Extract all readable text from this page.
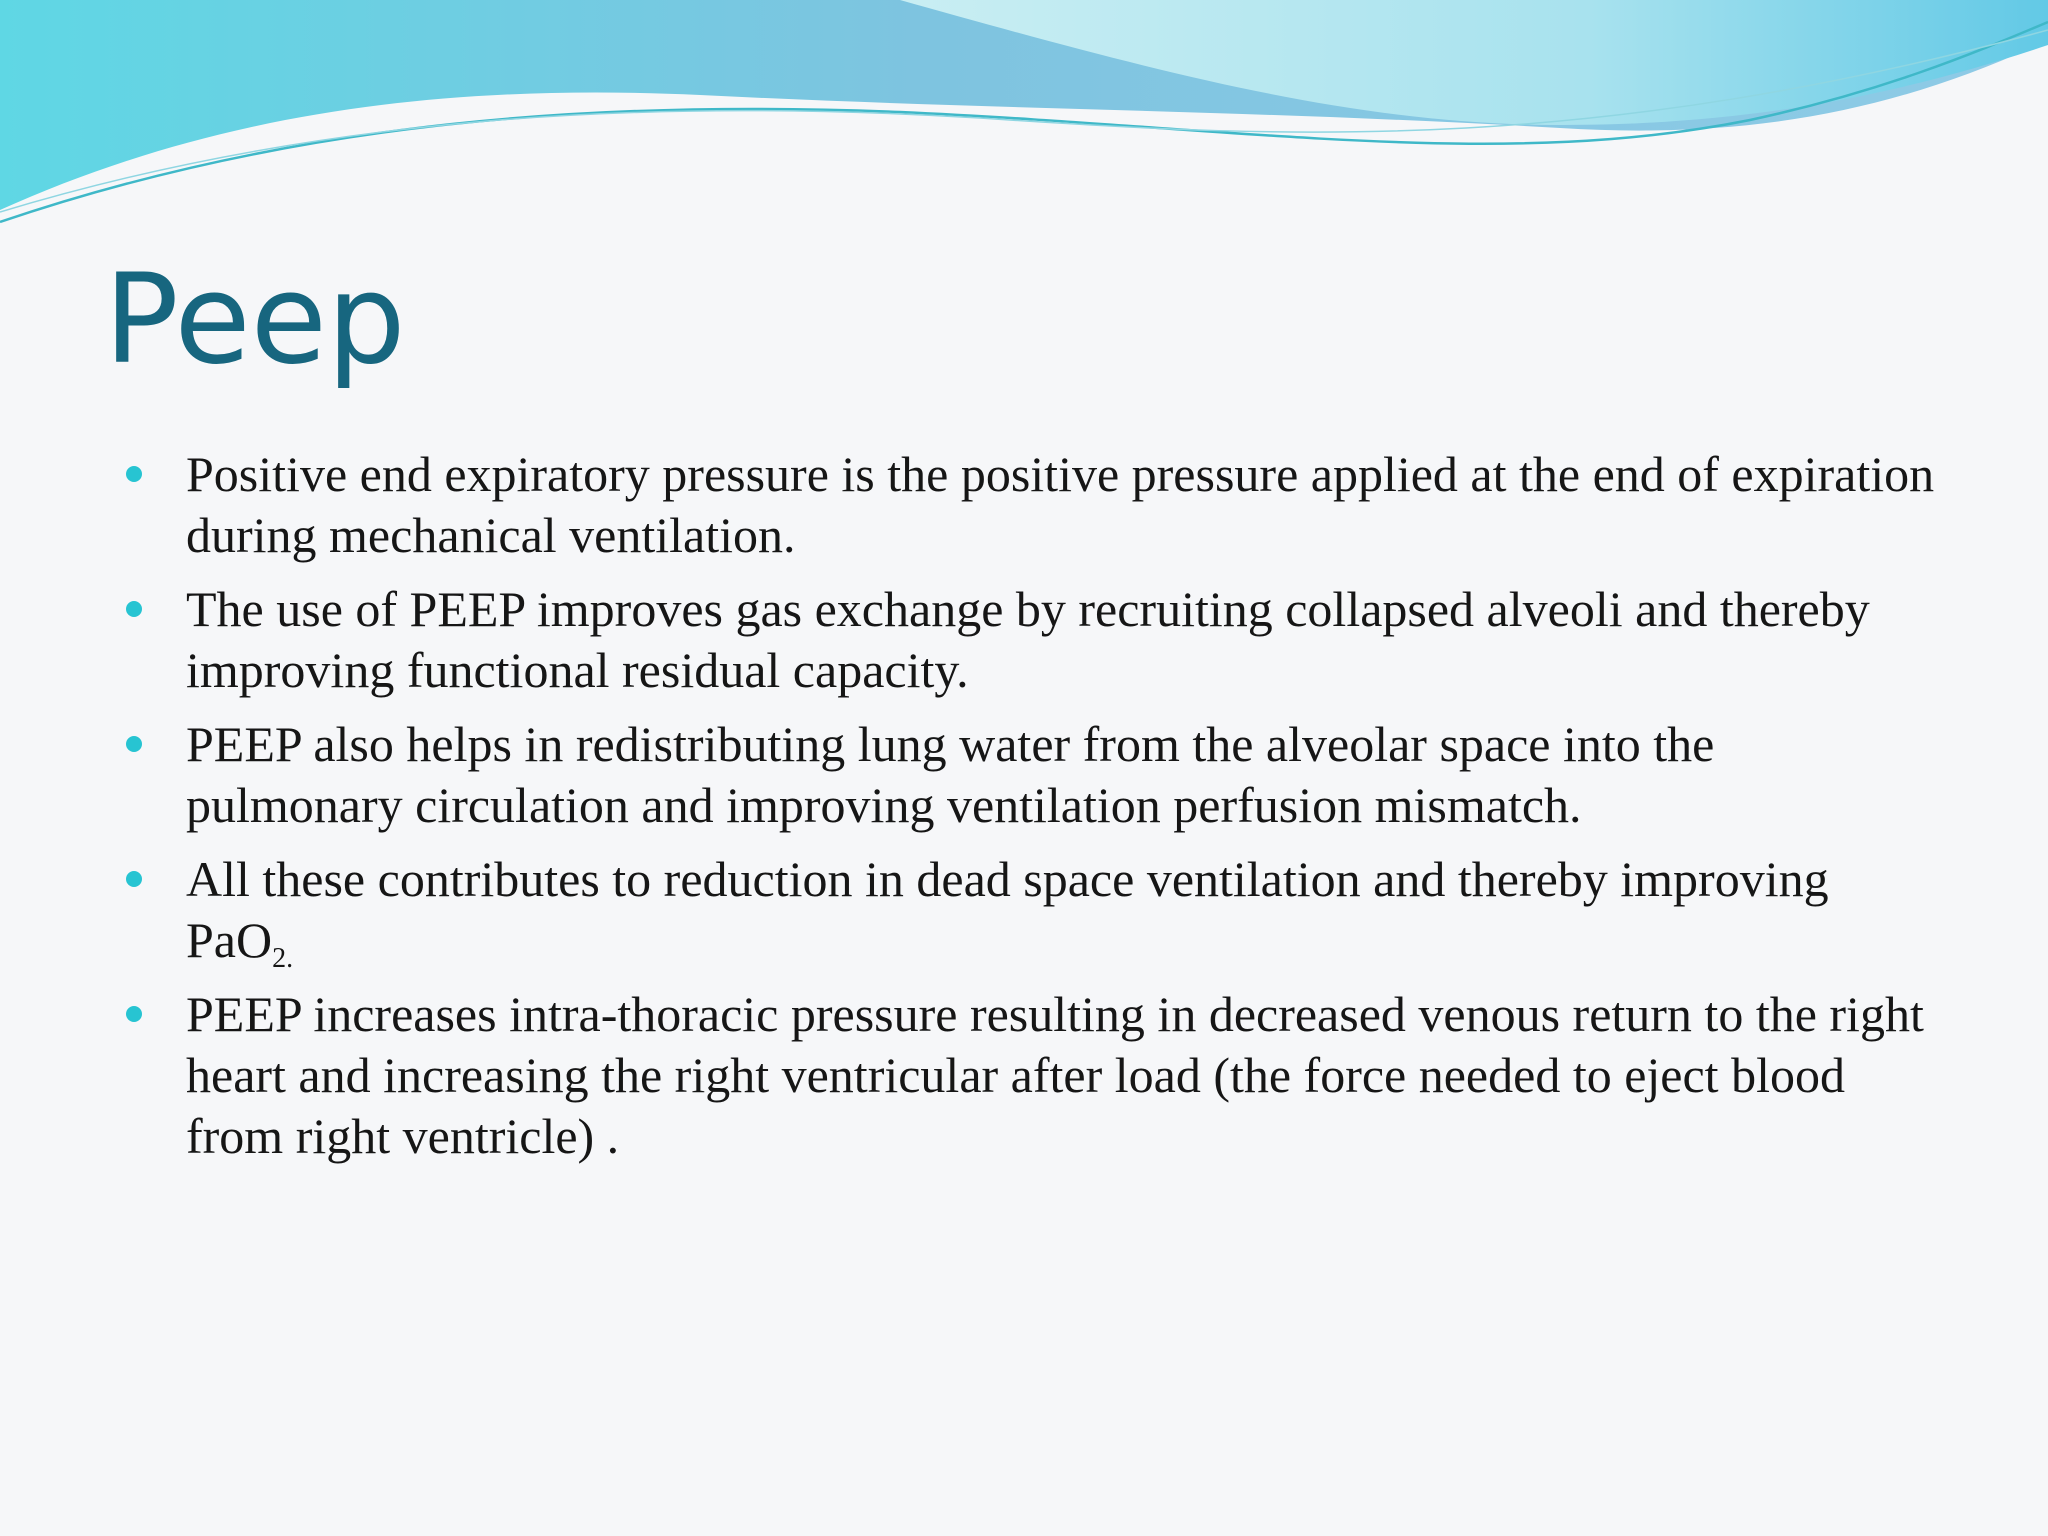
Peep
Positive end expiratory pressure is the positive pressure applied at the end of expiration during mechanical ventilation.
The use of PEEP improves gas exchange by recruiting collapsed alveoli and thereby improving functional residual capacity.
PEEP also helps in redistributing lung water from the alveolar space into the pulmonary circulation and improving ventilation perfusion mismatch.
All these contributes to reduction in dead space ventilation and thereby improving PaO$_{2.}$
PEEP increases intra-thoracic pressure resulting in decreased venous return to the right heart and increasing the right ventricular after load (the force needed to eject blood from right ventricle) .
